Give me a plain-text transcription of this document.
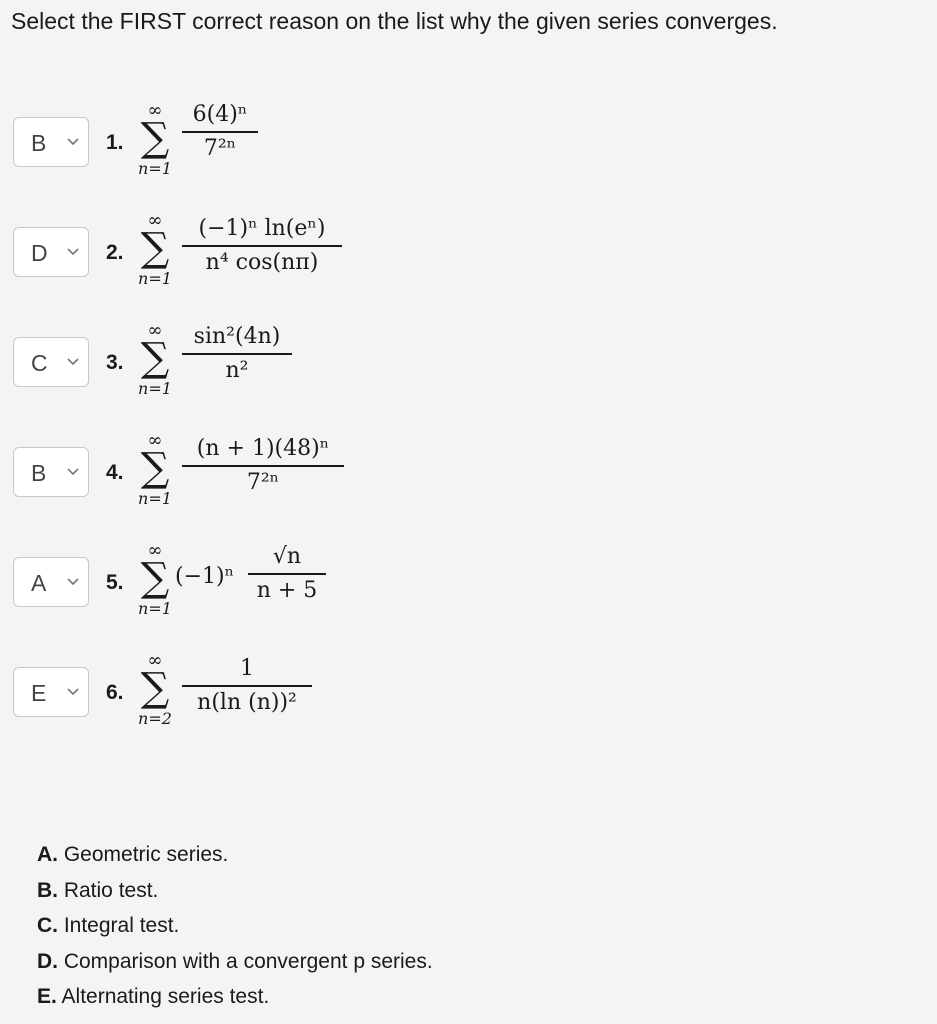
Select the FIRST correct reason on the list why the given series converges.
B	1.
∞
∑
n=1
6(4)ⁿ
7²ⁿ
D	2.
∞
∑
n=1
(−1)ⁿ ln(eⁿ)
n⁴ cos(nπ)
C	3.
∞
∑
n=1
sin²(4n)
n²
B	4.
∞
∑
n=1
(n + 1)(48)ⁿ
7²ⁿ
A	5.
∞
∑
n=1
(−1)ⁿ
√n
n + 5
E	6.
∞
∑
n=2
1
n(ln (n))²
A. Geometric series.
B. Ratio test.
C. Integral test.
D. Comparison with a convergent p series.
E. Alternating series test.
